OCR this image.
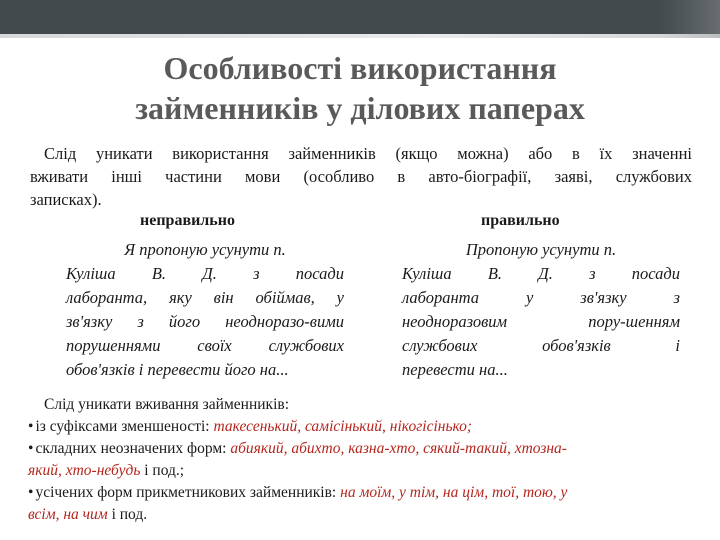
Особливості використання
займенників у ділових паперах
Слід уникати використання займенників (якщо можна) або в їх значенні
вживати інші частини мови (особливо в авто-біографії, заяві, службових
записках).
неправильно	правильно
Я пропоную усунути п.
Куліша В. Д. з посади
лаборанта, яку він обіймав, у
зв'язку з його неодноразо-вими
порушеннями своїх службових
обов'язків і перевести його на...
Пропоную усунути п.
Куліша В. Д. з посади
лаборанта у зв'язку з
неодноразовим пору-шенням
службових обов'язків і
перевести на...
Слід уникати вживання займенників:
• із суфіксами зменшеності: такесенький, самісінький, нікогісінько;
• складних неозначених форм: абиякий, абихто, казна-хто, сякий-такий, хтозна-
який, хто-небудь і под.;
• усічених форм прикметникових займенників: на моїм, у тім, на цім, тої, тою, у
всім, на чим і под.
